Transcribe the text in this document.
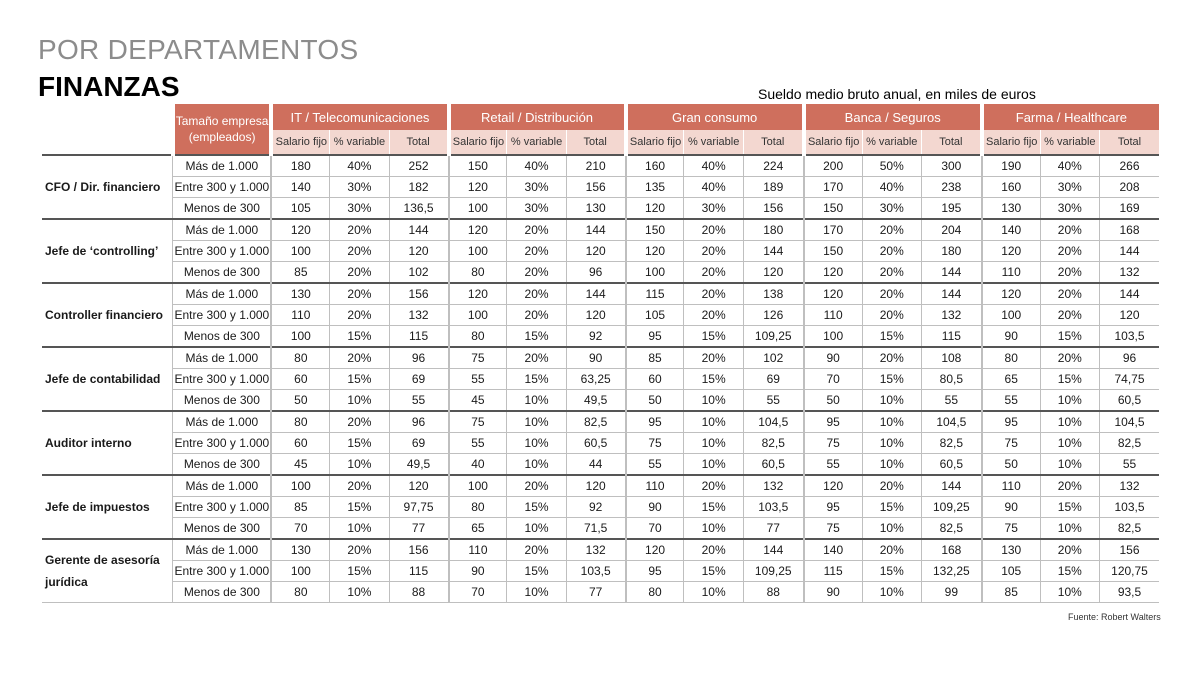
POR DEPARTAMENTOS
FINANZAS	Sueldo medio bruto anual, en miles de euros
	Tamaño empresa (empleados)	IT / Telecomunicaciones			Retail / Distribución			Gran consumo			Banca / Seguros			Farma / Healthcare		
		Salario fijo	% variable	Total	Salario fijo	% variable	Total	Salario fijo	% variable	Total	Salario fijo	% variable	Total	Salario fijo	% variable	Total
CFO / Dir. financiero	Más de 1.000	180	40%	252	150	40%	210	160	40%	224	200	50%	300	190	40%	266
	Entre 300 y 1.000	140	30%	182	120	30%	156	135	40%	189	170	40%	238	160	30%	208
	Menos de 300	105	30%	136,5	100	30%	130	120	30%	156	150	30%	195	130	30%	169
Jefe de ‘controlling’	Más de 1.000	120	20%	144	120	20%	144	150	20%	180	170	20%	204	140	20%	168
	Entre 300 y 1.000	100	20%	120	100	20%	120	120	20%	144	150	20%	180	120	20%	144
	Menos de 300	85	20%	102	80	20%	96	100	20%	120	120	20%	144	110	20%	132
Controller financiero	Más de 1.000	130	20%	156	120	20%	144	115	20%	138	120	20%	144	120	20%	144
	Entre 300 y 1.000	110	20%	132	100	20%	120	105	20%	126	110	20%	132	100	20%	120
	Menos de 300	100	15%	115	80	15%	92	95	15%	109,25	100	15%	115	90	15%	103,5
Jefe de contabilidad	Más de 1.000	80	20%	96	75	20%	90	85	20%	102	90	20%	108	80	20%	96
	Entre 300 y 1.000	60	15%	69	55	15%	63,25	60	15%	69	70	15%	80,5	65	15%	74,75
	Menos de 300	50	10%	55	45	10%	49,5	50	10%	55	50	10%	55	55	10%	60,5
Auditor interno	Más de 1.000	80	20%	96	75	10%	82,5	95	10%	104,5	95	10%	104,5	95	10%	104,5
	Entre 300 y 1.000	60	15%	69	55	10%	60,5	75	10%	82,5	75	10%	82,5	75	10%	82,5
	Menos de 300	45	10%	49,5	40	10%	44	55	10%	60,5	55	10%	60,5	50	10%	55
Jefe de impuestos	Más de 1.000	100	20%	120	100	20%	120	110	20%	132	120	20%	144	110	20%	132
	Entre 300 y 1.000	85	15%	97,75	80	15%	92	90	15%	103,5	95	15%	109,25	90	15%	103,5
	Menos de 300	70	10%	77	65	10%	71,5	70	10%	77	75	10%	82,5	75	10%	82,5
Gerente de asesoría jurídica	Más de 1.000	130	20%	156	110	20%	132	120	20%	144	140	20%	168	130	20%	156
	Entre 300 y 1.000	100	15%	115	90	15%	103,5	95	15%	109,25	115	15%	132,25	105	15%	120,75
	Menos de 300	80	10%	88	70	10%	77	80	10%	88	90	10%	99	85	10%	93,5
Fuente: Robert Walters
